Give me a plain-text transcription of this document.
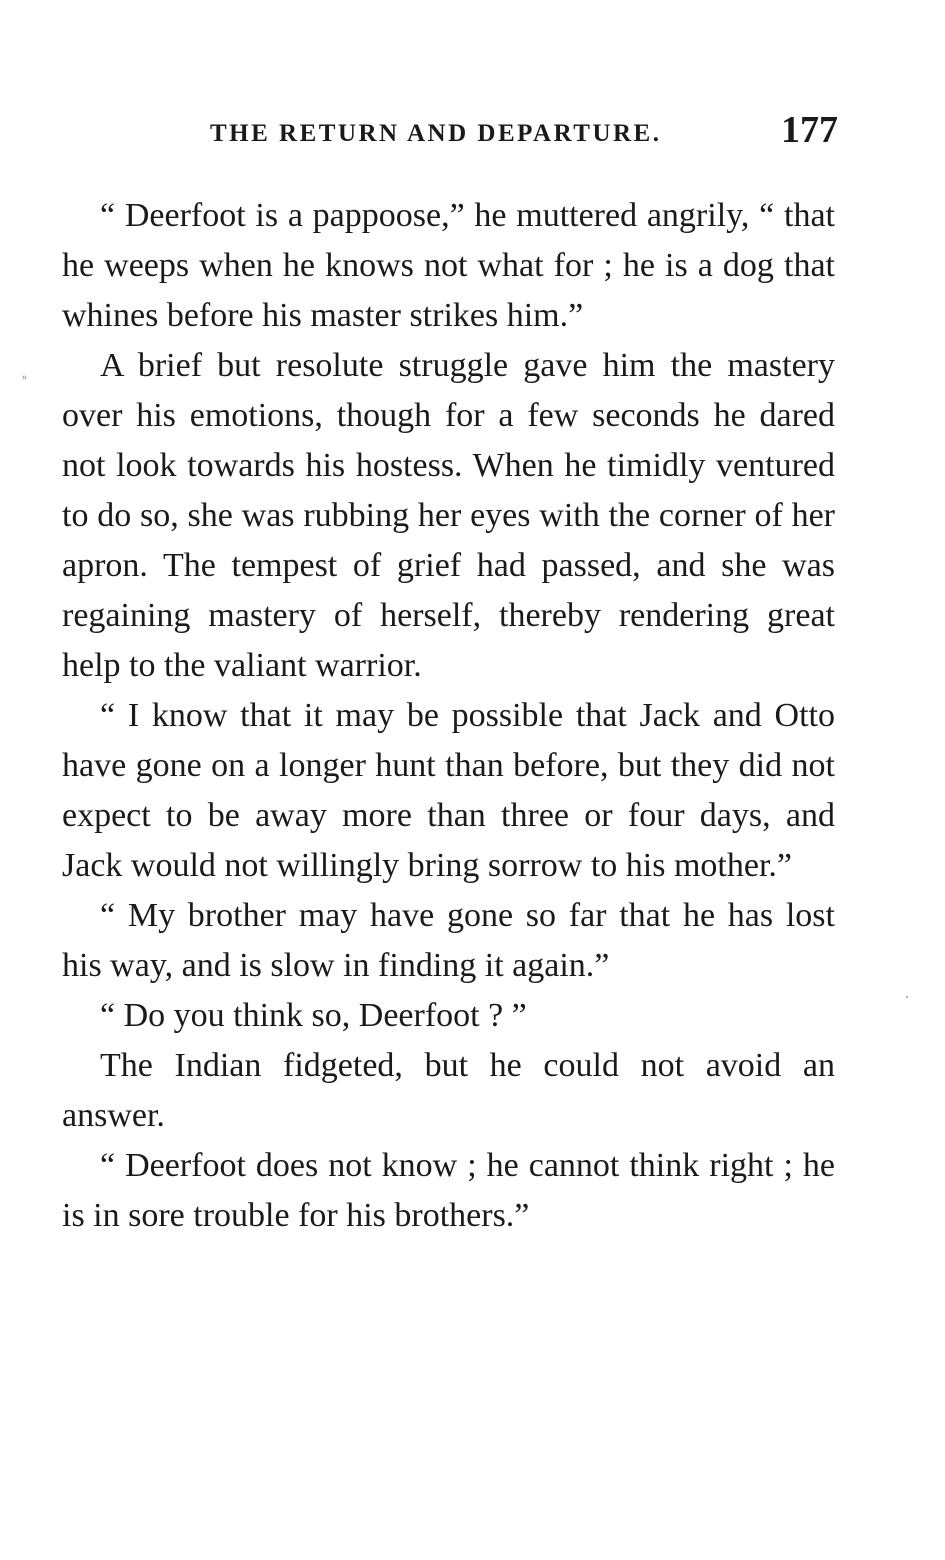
THE RETURN AND DEPARTURE.	177
»

“ Deerfoot is a pappoose,” he muttered angrily, “ that he weeps when he knows not what for ; he is a dog that whines before his master strikes him.”

A brief but resolute struggle gave him the mastery over his emotions, though for a few seconds he dared not look towards his hostess. When he timidly ventured to do so, she was rubbing her eyes with the corner of her apron. The tempest of grief had passed, and she was regaining mastery of herself, thereby rendering great help to the valiant warrior.

“ I know that it may be possible that Jack and Otto have gone on a longer hunt than before, but they did not expect to be away more than three or four days, and Jack would not willingly bring sorrow to his mother.”

“ My brother may have gone so far that he has lost his way, and is slow in finding it again.”

“ Do you think so, Deerfoot ? ”

The Indian fidgeted, but he could not avoid an answer.

“ Deerfoot does not know ; he cannot think right ; he is in sore trouble for his brothers.”
